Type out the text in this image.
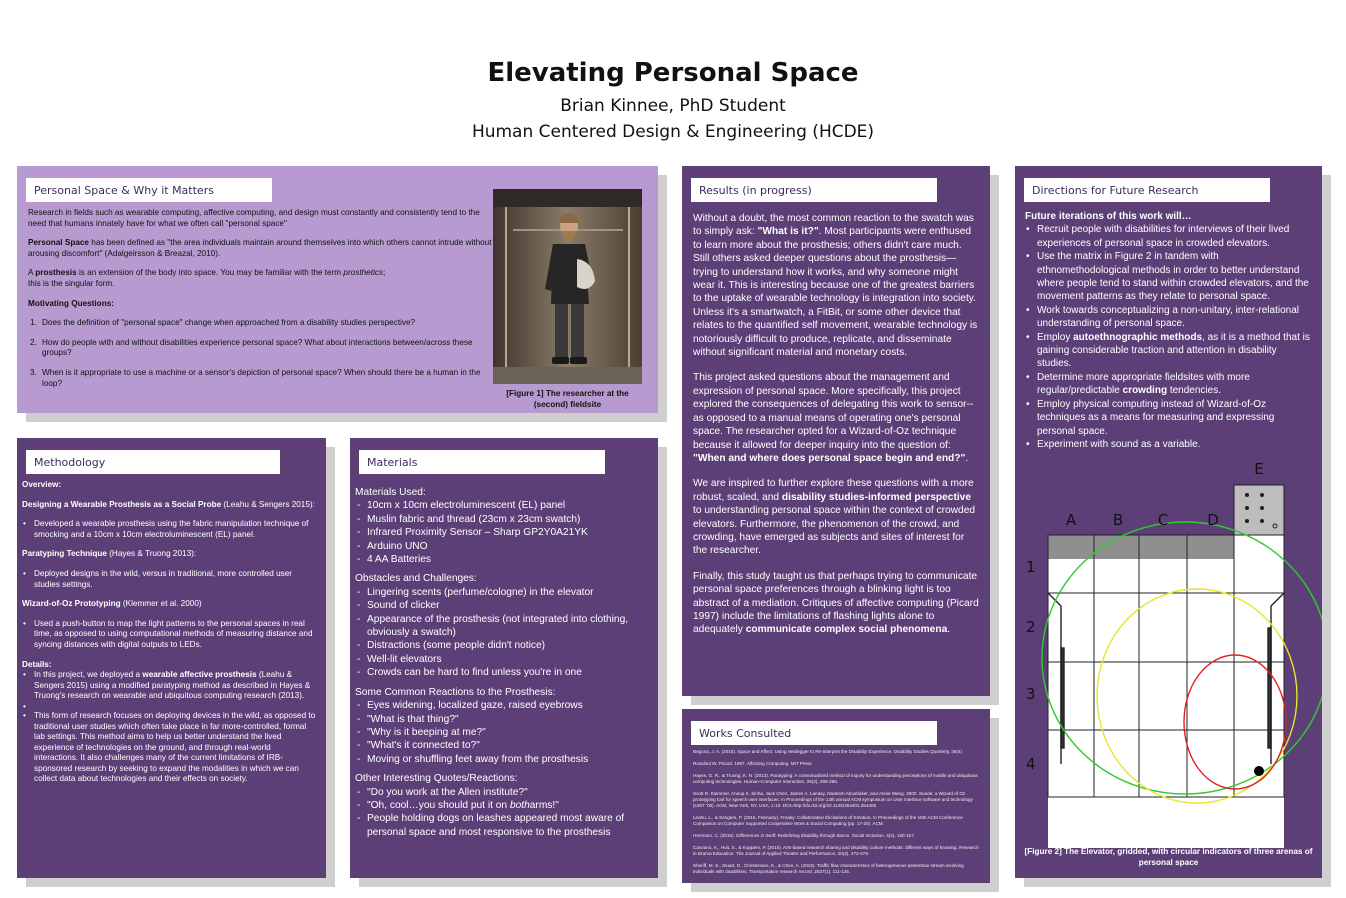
Elevating Personal Space
Brian Kinnee, PhD Student
Human Centered Design & Engineering (HCDE)
Personal Space & Why it Matters
Research in fields such as wearable computing, affective computing, and design must constantly and consistently tend to the need that humans innately have for what we often call "personal space"
Personal Space has been defined as "the area individuals maintain around themselves into which others cannot intrude without arousing discomfort" (Adalgeirsson & Breazal, 2010).
A prosthesis is an extension of the body into space. You may be familiar with the term prosthetics;
this is the singular form.
Motivating Questions:
1. Does the definition of "personal space" change when approached from a disability studies perspective?
2. How do people with and without disabilities experience personal space? What about interactions between/across these groups?
3. When is it appropriate to use a machine or a sensor's depiction of personal space? When should there be a human in the loop?
[Figure 1] The researcher at the (second) fieldsite
Methodology
Overview:
Designing a Wearable Prosthesis as a Social Probe (Leahu & Sengers 2015):
• Developed a wearable prosthesis using the fabric manipulation technique of smocking and a 10cm x 10cm electroluminescent (EL) panel.
Paratyping Technique (Hayes & Truong 2013):
• Deployed designs in the wild, versus in traditional, more controlled user studies settings.
Wizard-of-Oz Prototyping (Klemmer et al. 2000)
• Used a push-button to map the light patterns to the personal spaces in real time, as opposed to using computational methods of measuring distance and syncing distances with digital outputs to LEDs.
Details:
• In this project, we deployed a wearable affective prosthesis (Leahu & Sengers 2015) using a modified paratyping method as described in Hayes & Truong's research on wearable and ubiquitous computing research (2013).
•
• This form of research focuses on deploying devices in the wild, as opposed to traditional user studies which often take place in far more-controlled, formal lab settings. This method aims to help us better understand the lived experience of technologies on the ground, and through real-world interactions. It also challenges many of the current limitations of IRB-sponsored research by seeking to expand the modalities in which we can collect data about technologies and their effects on society.
Materials
Materials Used:
- 10cm x 10cm electroluminescent (EL) panel
- Muslin fabric and thread (23cm x 23cm swatch)
- Infrared Proximity Sensor – Sharp GP2Y0A21YK
- Arduino UNO
- 4 AA Batteries
Obstacles and Challenges:
- Lingering scents (perfume/cologne) in the elevator
- Sound of clicker
- Appearance of the prosthesis (not integrated into clothing, obviously a swatch)
- Distractions (some people didn't notice)
- Well-lit elevators
- Crowds can be hard to find unless you're in one
Some Common Reactions to the Prosthesis:
- Eyes widening, localized gaze, raised eyebrows
- "What is that thing?"
- "Why is it beeping at me?"
- "What's it connected to?"
- Moving or shuffling feet away from the prosthesis
Other Interesting Quotes/Reactions:
- "Do you work at the Allen institute?"
- "Oh, cool…you should put it on botharms!"
- People holding dogs on leashes appeared most aware of personal space and most responsive to the prosthesis
Results (in progress)
Without a doubt, the most common reaction to the swatch was to simply ask: "What is it?". Most participants were enthused to learn more about the prosthesis; others didn't care much. Still others asked deeper questions about the prosthesis—trying to understand how it works, and why someone might wear it. This is interesting because one of the greatest barriers to the uptake of wearable technology is integration into society. Unless it's a smartwatch, a FitBit, or some other device that relates to the quantified self movement, wearable technology is notoriously difficult to produce, replicate, and disseminate without significant material and monetary costs.
This project asked questions about the management and expression of personal space. More specifically, this project explored the consequences of delegating this work to sensor--as opposed to a manual means of operating one's personal space. The researcher opted for a Wizard-of-Oz technique because it allowed for deeper inquiry into the question of: "When and where does personal space begin and end?".
We are inspired to further explore these questions with a more robust, scaled, and disability studies-informed perspective to understanding personal space within the context of crowded elevators. Furthermore, the phenomenon of the crowd, and crowding, have emerged as subjects and sites of interest for the researcher.
Finally, this study taught us that perhaps trying to communicate personal space preferences through a blinking light is too abstract of a mediation. Critiques of affective computing (Picard 1997) include the limitations of flashing lights alone to adequately communicate complex social phenomena.
Works Consulted

Begona, J. A. (2015). Space and Affect: Using Heidegger to Re-Interpret the Disability Experience. Disability Studies Quarterly, 35(4)

Rosalind W. Picard. 1997. Affecting Computing. MIT Press.

Hayes, G. R., & Truong, K. N. (2013). Paratyping: A contextualized method of inquiry for understanding perceptions of mobile and ubiquitous computing technologies. Human–Computer Interaction, 28(3), 265-286.

Scott R. Klemmer, Anoop K. Sinha, Jack Chen, James A. Landay, Nadeem Aboobaker, and Annie Wang. 2000. Suede: a Wizard of Oz prototyping tool for speech user interfaces. In Proceedings of the 13th annual ACM symposium on User interface software and technology (UIST '00). ACM, New York, NY, USA, 1-10. DOI=http://dx.doi.org/10.1145/354401.354406

Leahu, L., & Sengers, P. (2015, February). Freaky: Collaborative Elicitations of Emotion. In Proceedings of the 18th ACM Conference Companion on Computer Supported Cooperative Work & Social Computing (pp. 17-20). ACM.

Hermann, C. (2016). Differences in Itself: Redefining disability through dance. Social Inclusion, 4(4), 160-167.

Canzano, K., Hoit, S., & Kuppers, P. (2015). Arts-based research sharing and disability culture methods: different ways of knowing. Research in Drama Education: The Journal of Applied Theatre and Performance, 20(4), 472-479.

Sheriff, M. S., Stuart, D., Christensen, K., & Chen, A. (2015). Traffic flow characteristics of heterogeneous pedestrian stream involving individuals with disabilities. Transportation research record, 2537(1), 111-125.

Directions for Future Research
Future iterations of this work will…
• Recruit people with disabilities for interviews of their lived experiences of personal space in crowded elevators.
• Use the matrix in Figure 2 in tandem with ethnomethodological methods in order to better understand where people tend to stand within crowded elevators, and the movement patterns as they relate to personal space.
• Work towards conceptualizing a non-unitary, inter-relational understanding of personal space.
• Employ autoethnographic methods, as it is a method that is gaining considerable traction and attention in disability studies.
• Determine more appropriate fieldsites with more regular/predictable crowding tendencies.
• Employ physical computing instead of Wizard-of-Oz techniques as a means for measuring and expressing personal space.
• Experiment with sound as a variable.
A B C	D
E
1
2
3
4
[Figure 2] The Elevator, gridded, with circular indicators of three arenas of personal space
